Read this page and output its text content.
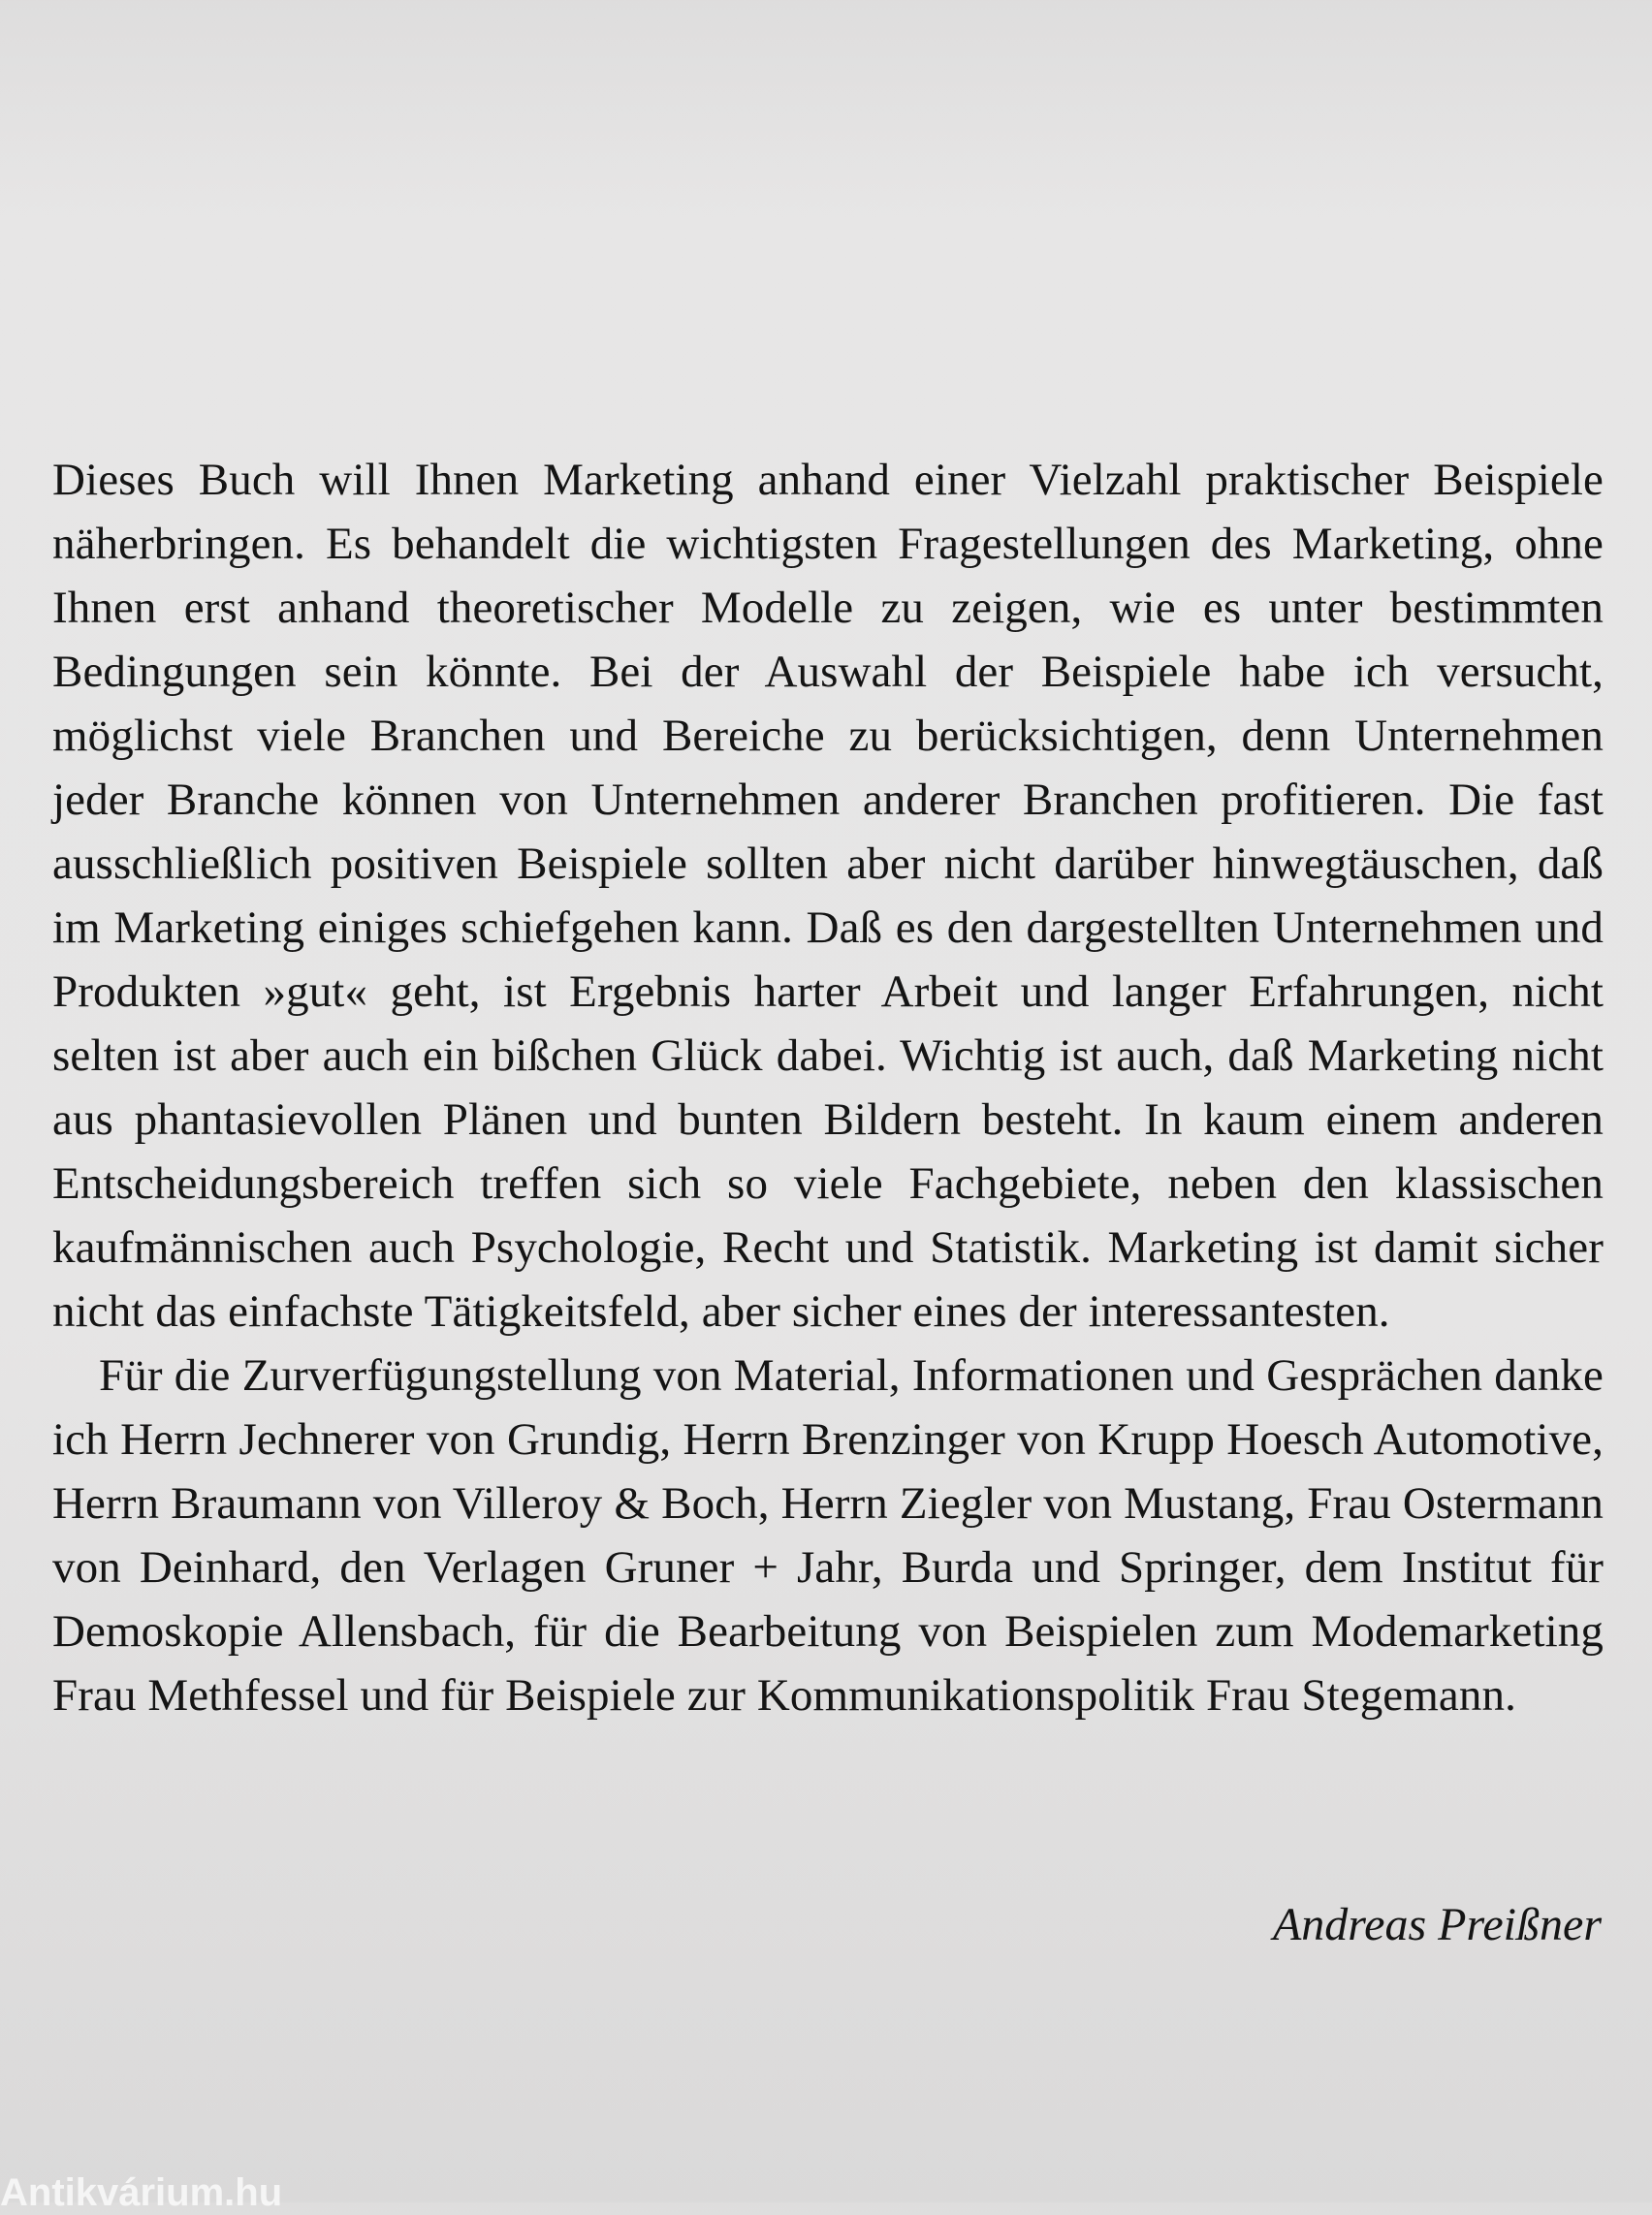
Dieses Buch will Ihnen Marketing anhand einer Vielzahl praktischer Beispiele näherbringen. Es behandelt die wichtigsten Fragestellungen des Marketing, ohne Ihnen erst anhand theoretischer Modelle zu zeigen, wie es unter bestimmten Bedingungen sein könnte. Bei der Auswahl der Beispiele habe ich versucht, möglichst viele Branchen und Bereiche zu berücksichtigen, denn Unternehmen jeder Branche können von Unternehmen anderer Branchen profitieren. Die fast ausschließlich positiven Beispiele sollten aber nicht darüber hinwegtäuschen, daß im Marketing einiges schiefgehen kann. Daß es den dargestellten Unternehmen und Produkten »gut« geht, ist Ergebnis harter Arbeit und langer Erfahrungen, nicht selten ist aber auch ein bißchen Glück dabei. Wichtig ist auch, daß Marketing nicht aus phantasievollen Plänen und bunten Bildern besteht. In kaum einem anderen Entscheidungsbereich treffen sich so viele Fachgebiete, neben den klassischen kaufmännischen auch Psychologie, Recht und Statistik. Marketing ist damit sicher nicht das einfachste Tätigkeitsfeld, aber sicher eines der interessantesten.

Für die Zurverfügungstellung von Material, Informationen und Gesprächen danke ich Herrn Jechnerer von Grundig, Herrn Brenzinger von Krupp Hoesch Automotive, Herrn Braumann von Villeroy & Boch, Herrn Ziegler von Mustang, Frau Ostermann von Deinhard, den Verlagen Gruner + Jahr, Burda und Springer, dem Institut für Demoskopie Allensbach, für die Bearbeitung von Beispielen zum Modemarketing Frau Methfessel und für Beispiele zur Kommunikationspolitik Frau Stegemann.

Andreas Preißner
Antikvárium.hu
